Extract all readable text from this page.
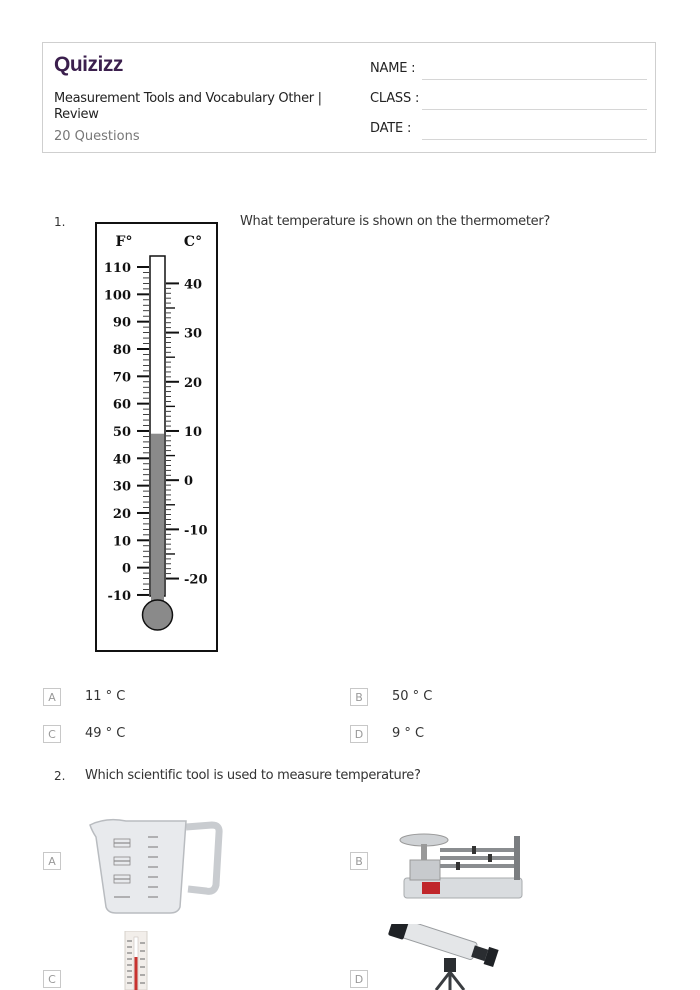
Quizizz
Measurement Tools and Vocabulary Other | Review
20 Questions
NAME :
CLASS :
DATE :
1.	What temperature is shown on the thermometer?
F°	C°
110
100
90
80
70
60
50
40
30
20
10
0
-10
40
30
20
10
0
-10
-20
A	11 ° C	B	50 ° C
C	49 ° C	D	9 ° C
2. Which scientific tool is used to measure temperature?
A	B
C	D
